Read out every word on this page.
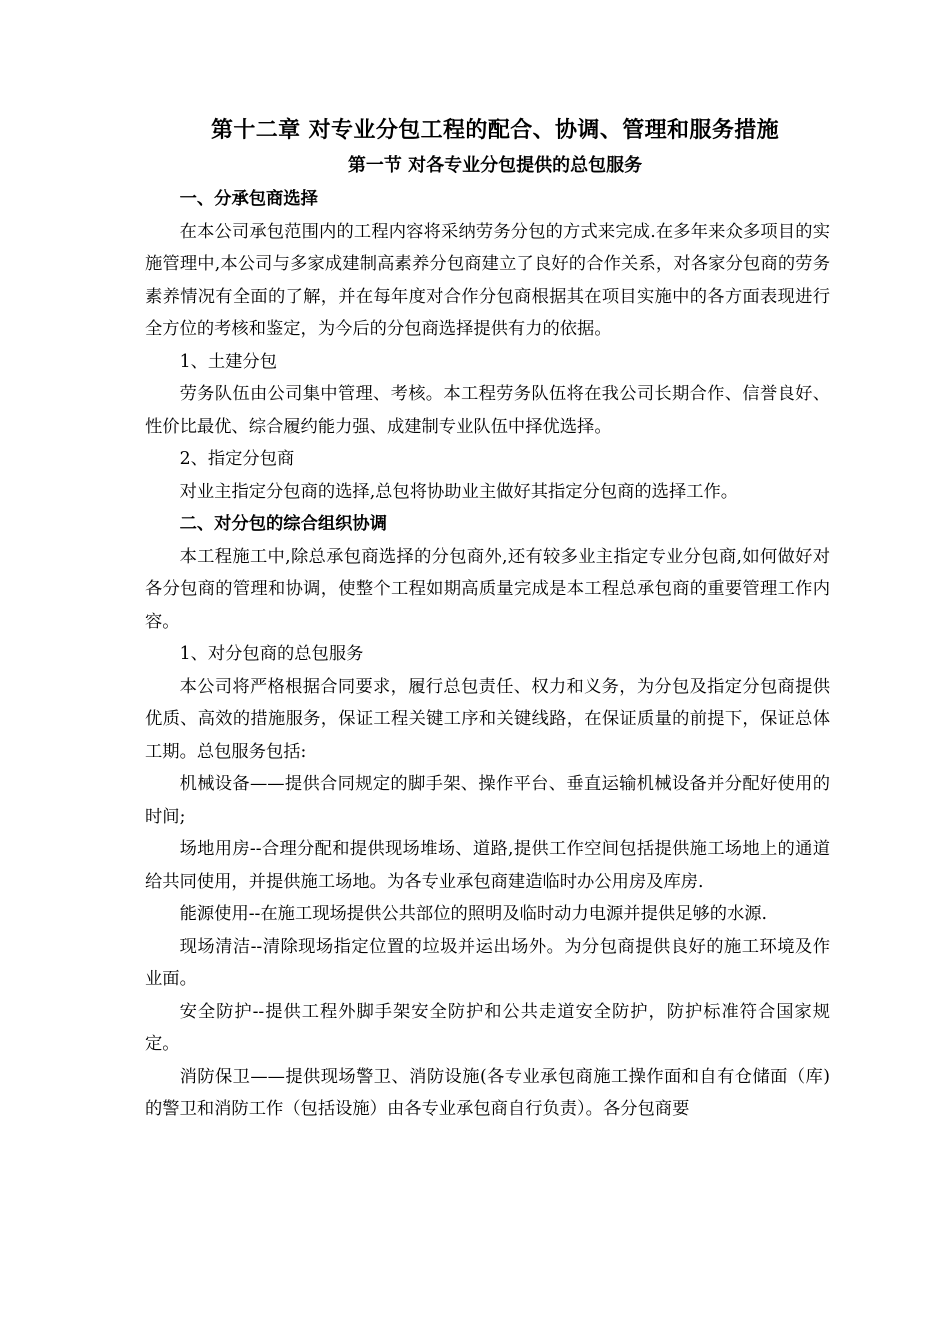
第十二章 对专业分包工程的配合、协调、管理和服务措施
第一节 对各专业分包提供的总包服务

一、分承包商选择

在本公司承包范围内的工程内容将采纳劳务分包的方式来完成.在多年来众多项目的实施管理中,本公司与多家成建制高素养分包商建立了良好的合作关系，对各家分包商的劳务素养情况有全面的了解，并在每年度对合作分包商根据其在项目实施中的各方面表现进行全方位的考核和鉴定，为今后的分包商选择提供有力的依据。

1、土建分包

劳务队伍由公司集中管理、考核。本工程劳务队伍将在我公司长期合作、信誉良好、性价比最优、综合履约能力强、成建制专业队伍中择优选择。

2、指定分包商

对业主指定分包商的选择,总包将协助业主做好其指定分包商的选择工作。

二、对分包的综合组织协调

本工程施工中,除总承包商选择的分包商外,还有较多业主指定专业分包商,如何做好对各分包商的管理和协调，使整个工程如期高质量完成是本工程总承包商的重要管理工作内容。

1、对分包商的总包服务

本公司将严格根据合同要求，履行总包责任、权力和义务，为分包及指定分包商提供优质、高效的措施服务，保证工程关键工序和关键线路，在保证质量的前提下，保证总体工期。总包服务包括:

机械设备——提供合同规定的脚手架、操作平台、垂直运输机械设备并分配好使用的时间;

场地用房--合理分配和提供现场堆场、道路,提供工作空间包括提供施工场地上的通道给共同使用，并提供施工场地。为各专业承包商建造临时办公用房及库房.

能源使用--在施工现场提供公共部位的照明及临时动力电源并提供足够的水源.

现场清洁--清除现场指定位置的垃圾并运出场外。为分包商提供良好的施工环境及作业面。

安全防护--提供工程外脚手架安全防护和公共走道安全防护，防护标准符合国家规定。

消防保卫——提供现场警卫、消防设施(各专业承包商施工操作面和自有仓储面（库)的警卫和消防工作（包括设施）由各专业承包商自行负责）。各分包商要
